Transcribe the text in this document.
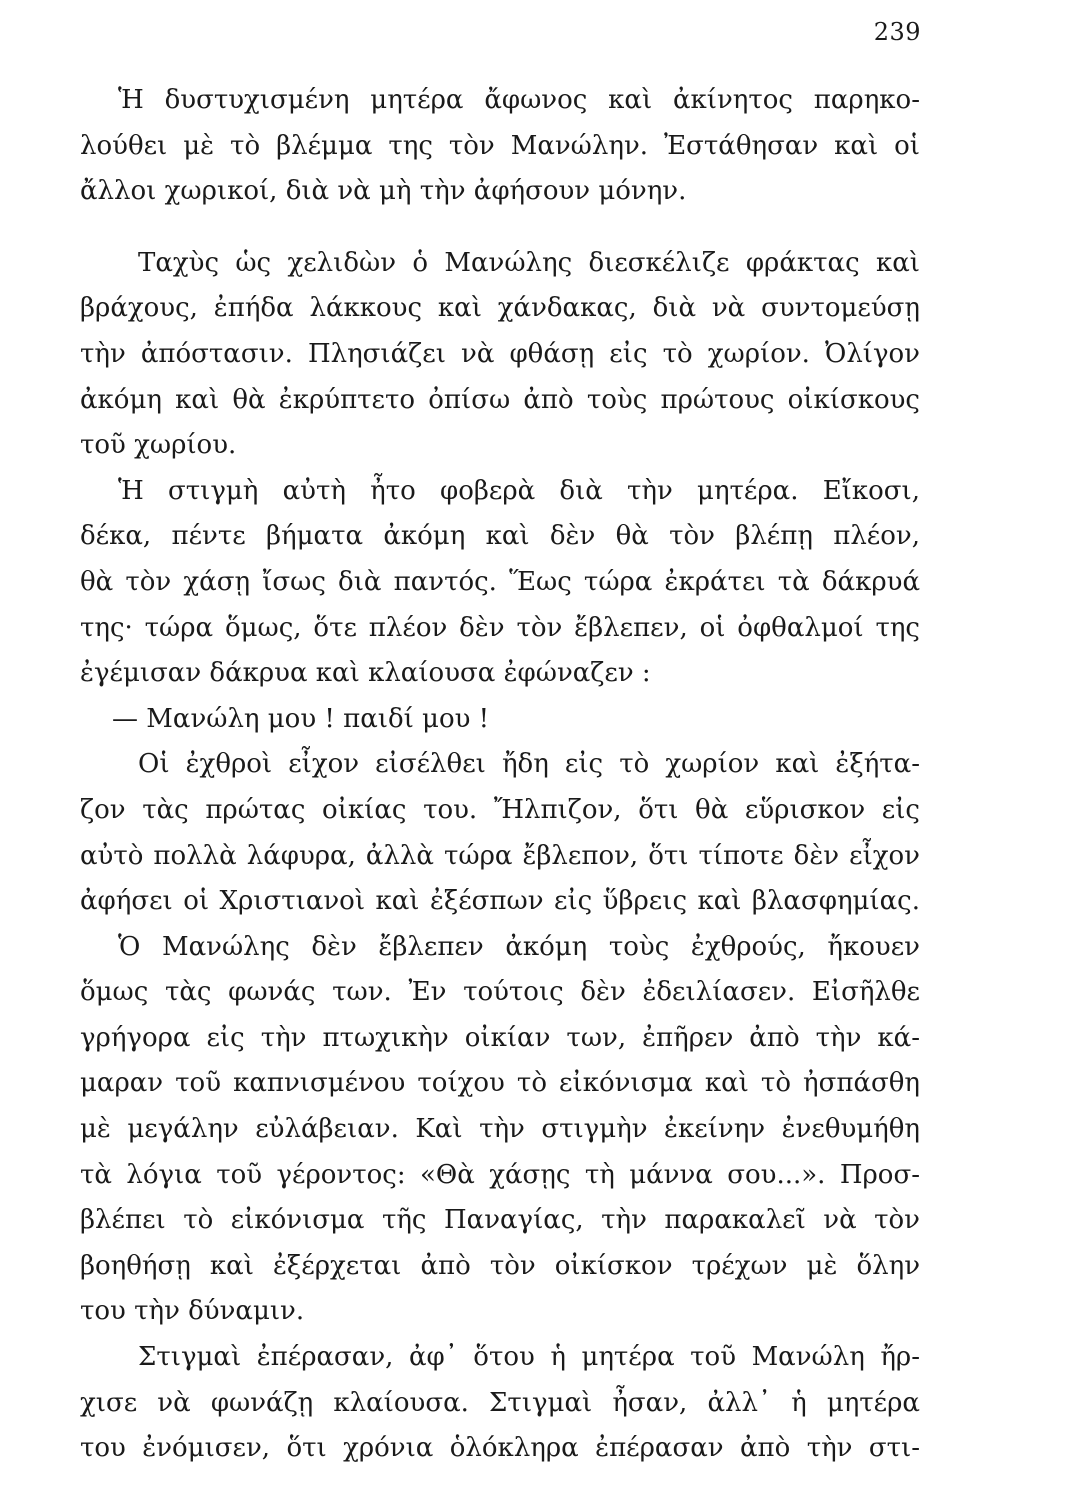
239
Ἡ δυστυχισμένη μητέρα ἄφωνος καὶ ἀκίνητος παρηκο-
λούθει μὲ τὸ βλέμμα της τὸν Μανώλην. Ἐστάθησαν καὶ οἱ
ἄλλοι χωρικοί, διὰ νὰ μὴ τὴν ἀφήσουν μόνην.
Ταχὺς ὡς χελιδὼν ὁ Μανώλης διεσκέλιζε φράκτας καὶ
βράχους, ἐπήδα λάκκους καὶ χάνδακας, διὰ νὰ συντομεύσῃ
τὴν ἀπόστασιν. Πλησιάζει νὰ φθάσῃ εἰς τὸ χωρίον. Ὀλίγον
ἀκόμη καὶ θὰ ἐκρύπτετο ὀπίσω ἀπὸ τοὺς πρώτους οἰκίσκους
τοῦ χωρίου.
Ἡ στιγμὴ αὐτὴ ἦτο φοβερὰ διὰ τὴν μητέρα. Εἴκοσι,
δέκα, πέντε βήματα ἀκόμη καὶ δὲν θὰ τὸν βλέπῃ πλέον,
θὰ τὸν χάσῃ ἴσως διὰ παντός. Ἕως τώρα ἐκράτει τὰ δάκρυά
της· τώρα ὅμως, ὅτε πλέον δὲν τὸν ἔβλεπεν, οἱ ὀφθαλμοί της
ἐγέμισαν δάκρυα καὶ κλαίουσα ἐφώναζεν :
— Μανώλη μου ! παιδί μου !
Οἱ ἐχθροὶ εἶχον εἰσέλθει ἤδη εἰς τὸ χωρίον καὶ ἐξήτα-
ζον τὰς πρώτας οἰκίας του. Ἤλπιζον, ὅτι θὰ εὕρισκον εἰς
αὐτὸ πολλὰ λάφυρα, ἀλλὰ τώρα ἔβλεπον, ὅτι τίποτε δὲν εἶχον
ἀφήσει οἱ Χριστιανοὶ καὶ ἐξέσπων εἰς ὕβρεις καὶ βλασφημίας.
Ὁ Μανώλης δὲν ἔβλεπεν ἀκόμη τοὺς ἐχθρούς, ἤκουεν
ὅμως τὰς φωνάς των. Ἐν τούτοις δὲν ἐδειλίασεν. Εἰσῆλθε
γρήγορα εἰς τὴν πτωχικὴν οἰκίαν των, ἐπῆρεν ἀπὸ τὴν κά-
μαραν τοῦ καπνισμένου τοίχου τὸ εἰκόνισμα καὶ τὸ ἠσπάσθη
μὲ μεγάλην εὐλάβειαν. Καὶ τὴν στιγμὴν ἐκείνην ἐνεθυμήθη
τὰ λόγια τοῦ γέροντος: «Θὰ χάσῃς τὴ μάννα σου...». Προσ-
βλέπει τὸ εἰκόνισμα τῆς Παναγίας, τὴν παρακαλεῖ νὰ τὸν
βοηθήσῃ καὶ ἐξέρχεται ἀπὸ τὸν οἰκίσκον τρέχων μὲ ὅλην
του τὴν δύναμιν.
Στιγμαὶ ἐπέρασαν, ἀφ᾿ ὅτου ἡ μητέρα τοῦ Μανώλη ἤρ-
χισε νὰ φωνάζῃ κλαίουσα. Στιγμαὶ ἦσαν, ἀλλ᾿ ἡ μητέρα
του ἐνόμισεν, ὅτι χρόνια ὁλόκληρα ἐπέρασαν ἀπὸ τὴν στι-
